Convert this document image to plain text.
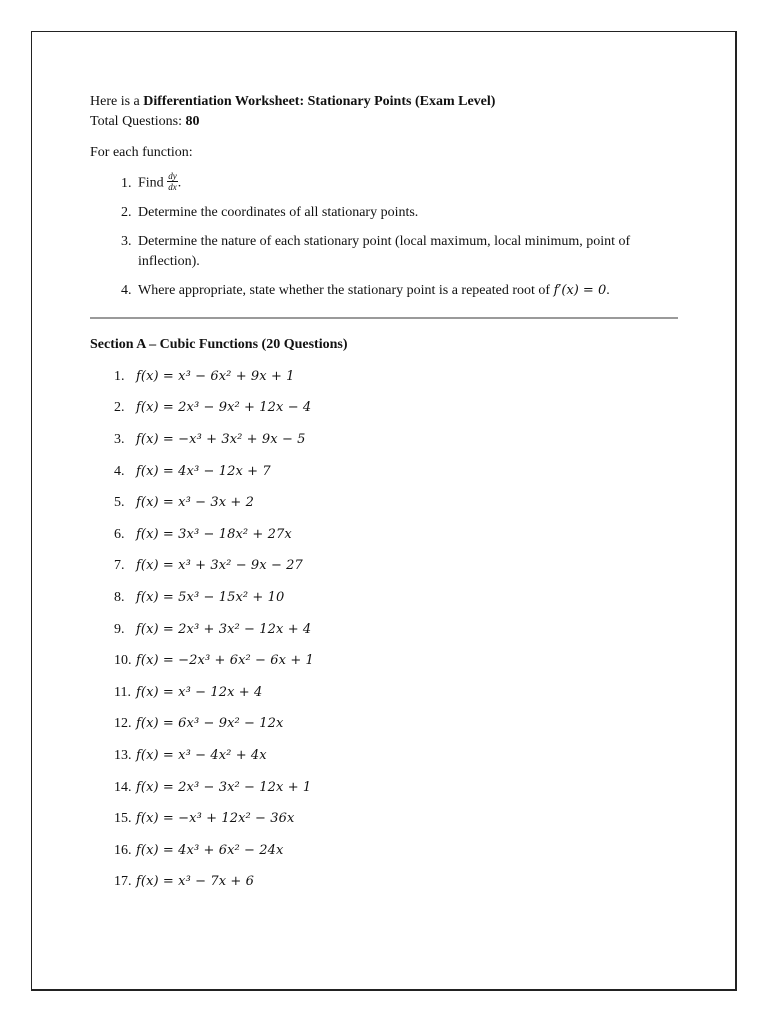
Here is a Differentiation Worksheet: Stationary Points (Exam Level)

Total Questions: 80

For each function:
1. Find $\frac{dy}{dx}$ .
2. Determine the coordinates of all stationary points.
3. Determine the nature of each stationary point (local maximum, local minimum, point of inflection).
4. Where appropriate, state whether the stationary point is a repeated root of f′(x) = 0.
Section A – Cubic Functions (20 Questions)
1. f(x) = x³ − 6x² + 9x + 1
2. f(x) = 2x³ − 9x² + 12x − 4
3. f(x) = −x³ + 3x² + 9x − 5
4. f(x) = 4x³ − 12x + 7
5. f(x) = x³ − 3x + 2
6. f(x) = 3x³ − 18x² + 27x
7. f(x) = x³ + 3x² − 9x − 27
8. f(x) = 5x³ − 15x² + 10
9. f(x) = 2x³ + 3x² − 12x + 4
10. f(x) = −2x³ + 6x² − 6x + 1
11. f(x) = x³ − 12x + 4
12. f(x) = 6x³ − 9x² − 12x
13. f(x) = x³ − 4x² + 4x
14. f(x) = 2x³ − 3x² − 12x + 1
15. f(x) = −x³ + 12x² − 36x
16. f(x) = 4x³ + 6x² − 24x
17. f(x) = x³ − 7x + 6
